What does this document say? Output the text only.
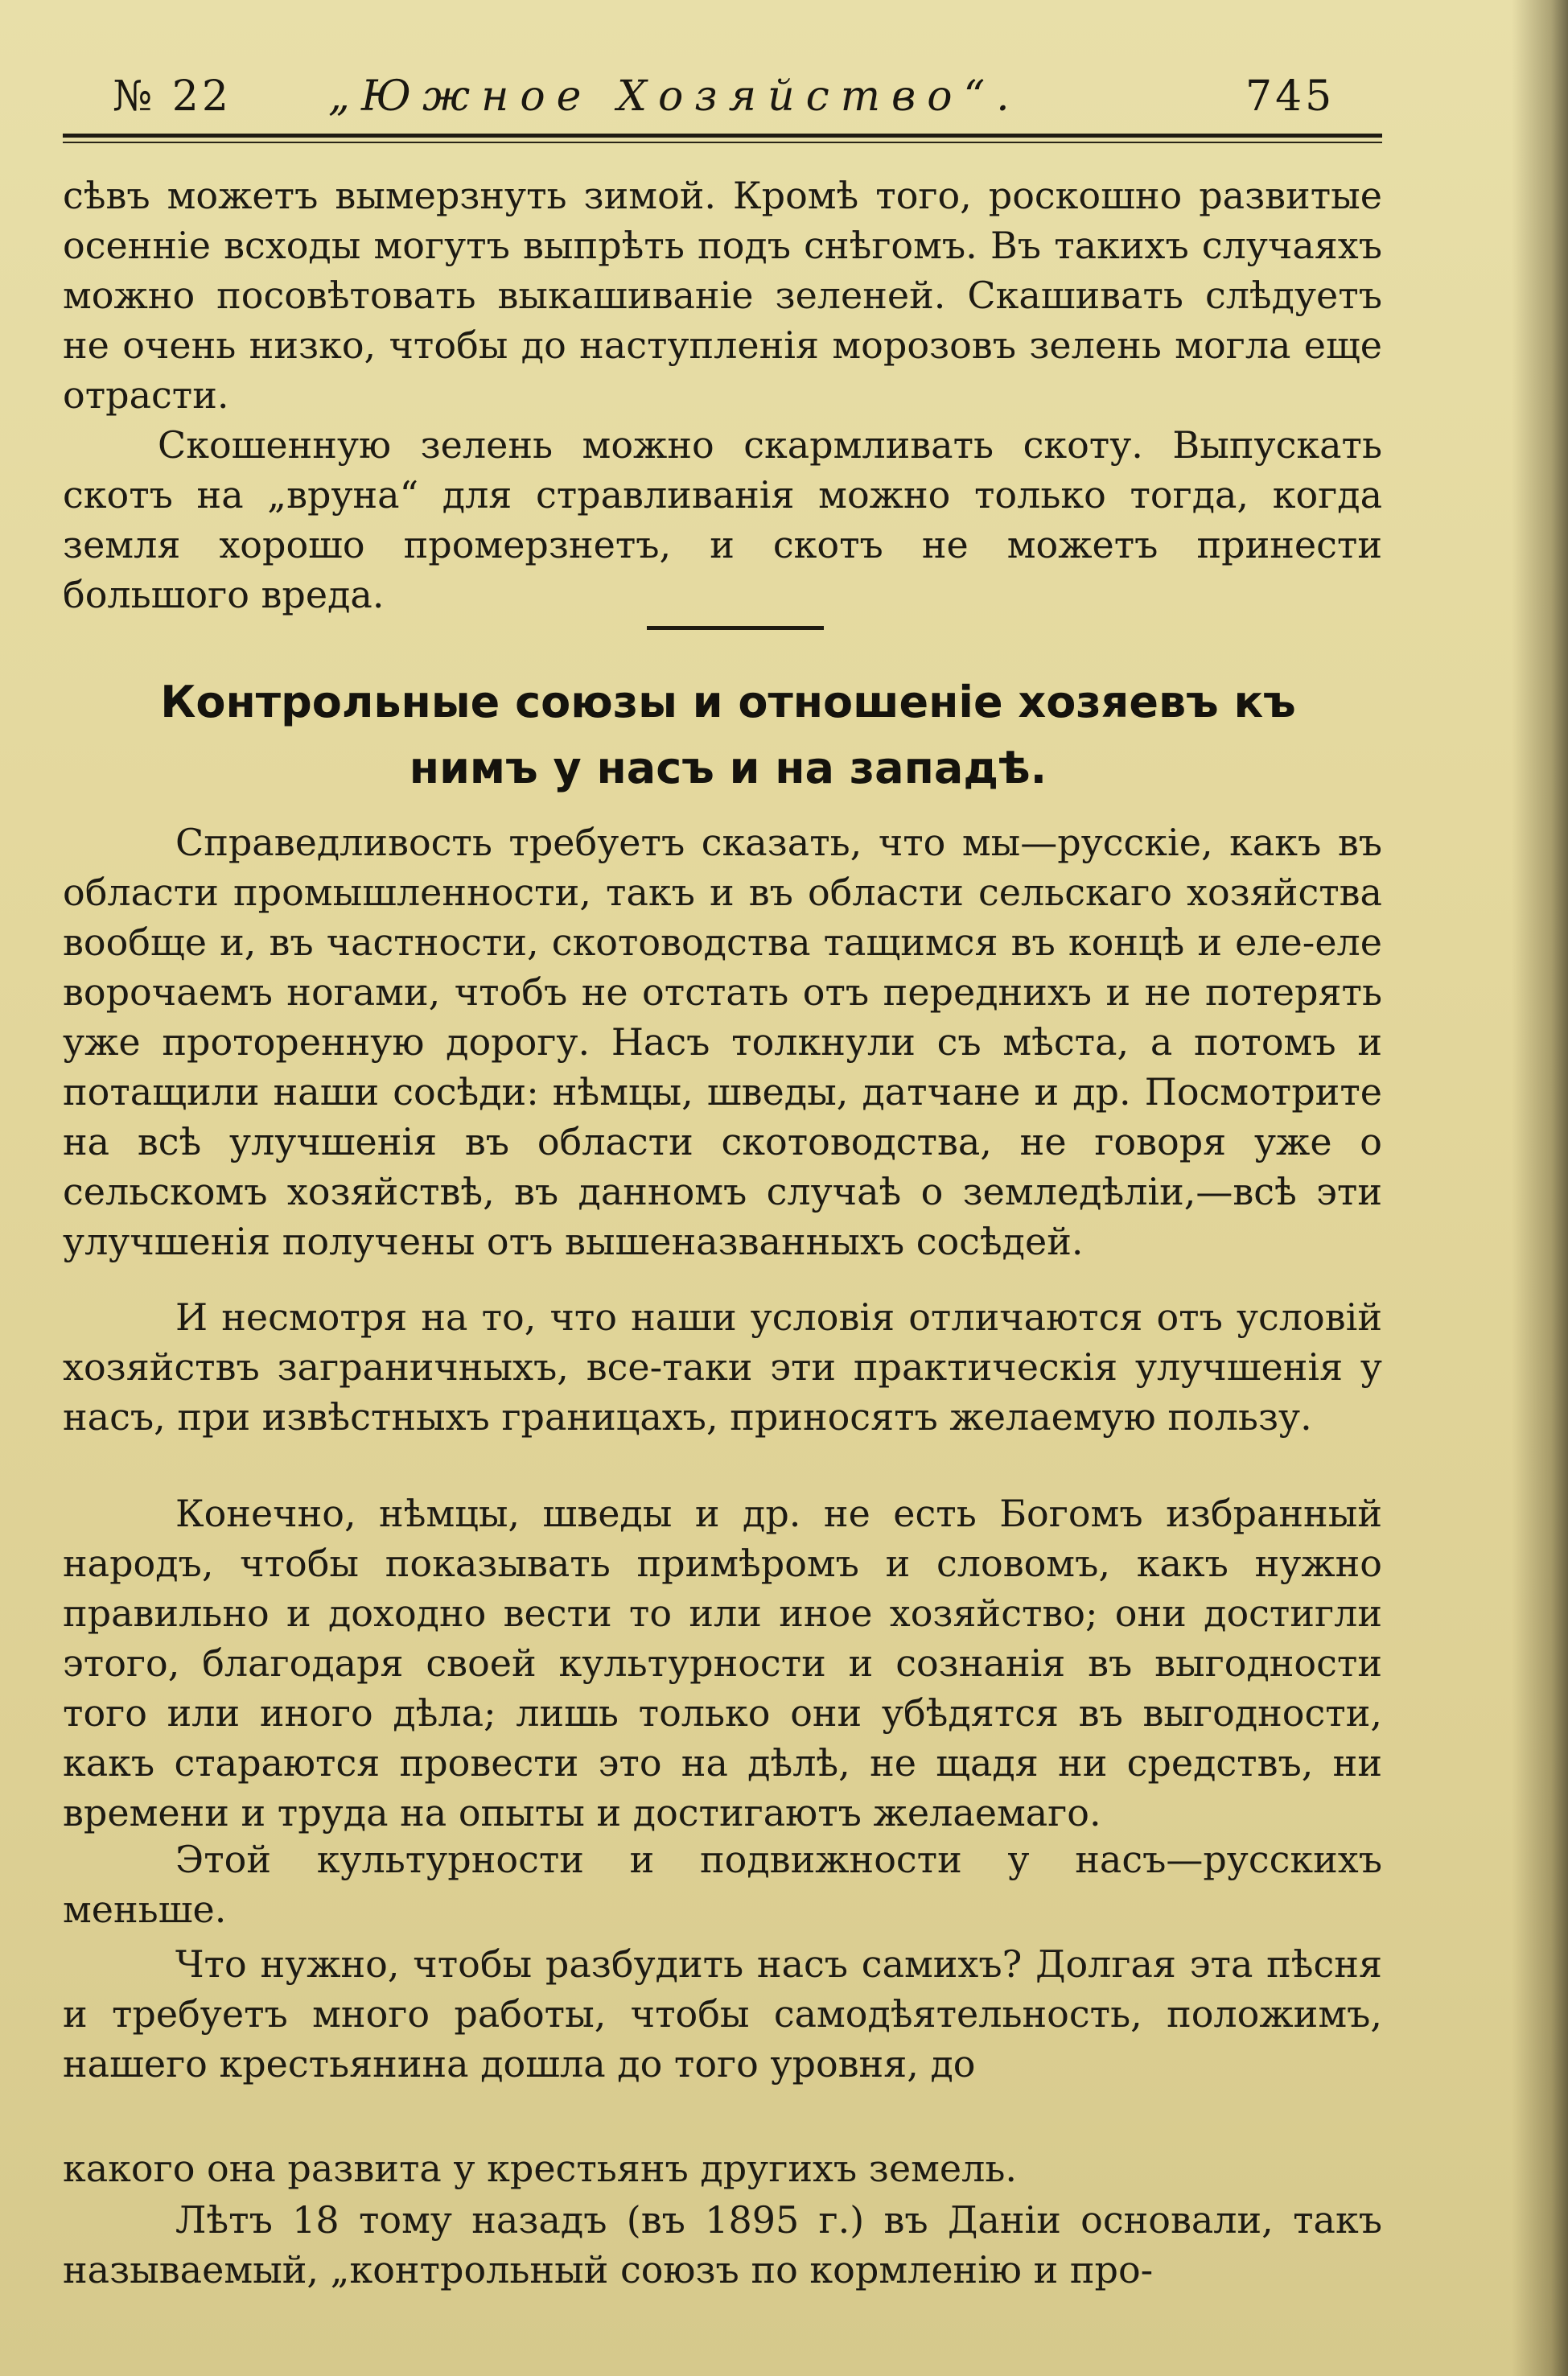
№ 22 „Южное Хозяйство“.	745

сѣвъ можетъ вымерзнуть зимой. Кромѣ того, роскошно развитые осенніе всходы могутъ выпрѣть подъ снѣгомъ. Въ такихъ случаяхъ можно посовѣтовать выкашиваніе зеленей. Скашивать слѣдуетъ не очень низко, чтобы до наступленія морозовъ зелень могла еще отрасти.

Скошенную зелень можно скармливать скоту. Выпускать скотъ на „вруна“ для стравливанія можно только тогда, когда земля хорошо промерзнетъ, и скотъ не можетъ принести большого вреда.

Контрольные союзы и отношеніе хозяевъ къ нимъ у насъ и на западѣ.

Справедливость требуетъ сказать, что мы—русскіе, какъ въ области промышленности, такъ и въ области сельскаго хозяйства вообще и, въ частности, скотоводства тащимся въ концѣ и еле-еле ворочаемъ ногами, чтобъ не отстать отъ переднихъ и не потерять уже проторенную дорогу. Насъ толкнули съ мѣста, а потомъ и потащили наши сосѣди: нѣмцы, шведы, датчане и др. Посмотрите на всѣ улучшенія въ области скотоводства, не говоря уже о сельскомъ хозяйствѣ, въ данномъ случаѣ о земледѣліи,—всѣ эти улучшенія получены отъ вышеназванныхъ сосѣдей.

И несмотря на то, что наши условія отличаются отъ условій хозяйствъ заграничныхъ, все-таки эти практическія улучшенія у насъ, при извѣстныхъ границахъ, приносятъ желаемую пользу.

Конечно, нѣмцы, шведы и др. не есть Богомъ избранный народъ, чтобы показывать примѣромъ и словомъ, какъ нужно правильно и доходно вести то или иное хозяйство; они достигли этого, благодаря своей культурности и сознанія въ выгодности того или иного дѣла; лишь только они убѣдятся въ выгодности, какъ стараются провести это на дѣлѣ, не щадя ни средствъ, ни времени и труда на опыты и достигаютъ желаемаго.

Этой культурности и подвижности у насъ—русскихъ меньше.

Что нужно, чтобы разбудить насъ самихъ? Долгая эта пѣсня и требуетъ много работы, чтобы самодѣятельность, положимъ, нашего крестьянина дошла до того уровня, до

какого она развита у крестьянъ другихъ земель.

Лѣтъ 18 тому назадъ (въ 1895 г.) въ Даніи основали, такъ называемый, „контрольный союзъ по кормленію и про-
